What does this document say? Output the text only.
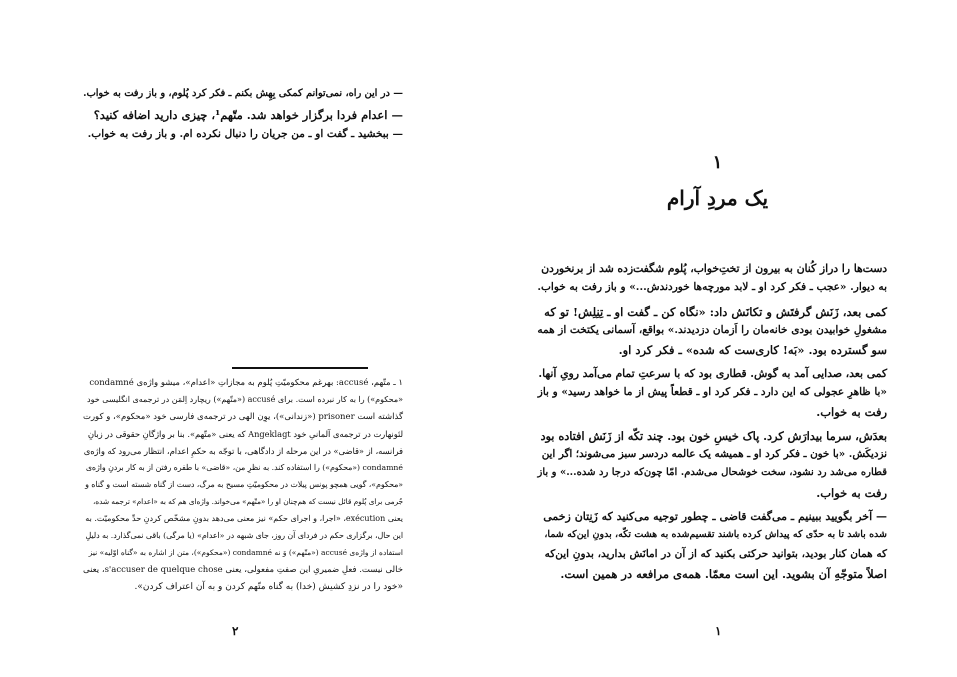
— در این راه، نمی‌توانم کمکی بِهِش بکنم ـ فکر کرد پُلوم، و باز رفت به خواب.
— اعدام فردا برگزار خواهد شد. متّهم¹، چیزی دارید اضافه کنید؟
— ببخشید ـ گفت او ـ من جریان را دنبال نکرده ام. و باز رفت به خواب.
۱ ـ متّهم، accusé: بهرغم محکومیّتِ پُلوم به مجازاتِ «اعدام»، میشو واژه‌ی condamné
«محکوم») را به کار نبرده است. برای accusé («متّهم») ریچارد اِلمَن در ترجمه‌ی انگلیسی خود
گذاشته است prisoner («زندانی»)، یوِن الهی در ترجمه‌ی فارسی خود «محکوم»، و کورت
لئونهارت در ترجمه‌ی آلمانیِ خود Angeklagt که یعنی «متّهم». بنا بر واژگانِ حقوقی در زبانِ
فرانسه، از «قاضی» در این مرحله از دادگاهی، با توجّه به حکمِ اعدام، انتظار می‌رود که واژه‌ی
condamné («محکوم») را استفاده کند. به نظرِ من، «قاضی» با طفره رفتن از به کار بردنِ واژه‌ی
«محکوم»، گویی همچو پونس پیلات در محکومیّتِ مسیح به مرگ، دست از گناه شسته است و گناه و
جُرمی برای پُلوم قائل نیست که هم‌چنان او را «متّهم» می‌خواند. واژه‌ای هم که به «اعدام» ترجمه شده،
یعنی exécution، «اجرا، و اجرای حکم» نیز معنی می‌دهد بدونِ مشخّص کردنِ حدِّ محکومیّت. به
این حال، برگزاری حکم در فردای آن روز، جای شبهه در «اعدام» (یا مرگی) باقی نمی‌گذارد. به دلیلِ
استفاده از واژه‌ی accusé («متّهم») وَ نه condamné («محکوم»)، متن از اشاره به «گناه اوّلیه» نیز
خالی نیست. فعلِ ضمیریِ این صفتِ مفعولی، یعنی s'accuser de quelque chose، یعنی
«خود را در نزدِ کشیش (خدا) به گناه متّهم کردن و به آن اعتراف کردن».
۲
۱
یک مردِ آرام
دست‌ها را دراز کُنان به بیرون از تختِ‌خواب، پُلوم شگفت‌زده شد از برنخوردن
به دیوار. «عجب ـ فکر کرد او ـ لابد مورچه‌ها خوردندش...» و باز رفت به خواب.
کمی بعد، زَنَش گرفتَش و تکانَش داد: «نگاه کن ـ گفت او ـ تِنِلِش! تو که
مشغولِ خوابیدن بودی خانه‌مان را اَزمان دزدیدند.» بواقع، آسمانی یکتخت از همه
سو گسترده بود. «بَه! کاری‌ست که شده» ـ فکر کرد او.
کمی بعد، صدایی آمد به گوش. قطاری بود که با سرعتِ تمام می‌آمد رویِ آنها.
«با ظاهرِ عجولی که این دارد ـ فکر کرد او ـ قطعاً پیش از ما خواهد رسید» و باز
رفت به خواب.
بعدَش، سرما بیدارَش کرد. پاک خیسِ خون بود. چند تکّه از زَنَش افتاده بود
نزدیکَش. «با خون ـ فکر کرد او ـ همیشه یک عالمه دردسر سبز می‌شوند؛ اگر این
قطاره می‌شد رد نشود، سخت خوشحال می‌شدم. امّا چون‌که درجا رد شده...» و باز
رفت به خواب.
— آخر بگویید ببینیم ـ می‌گفت قاضی ـ چطور توجیه می‌کنید که زَنِتان زخمی
شده باشد تا به حدّی که پیداش کرده باشند تقسیم‌شده به هشت تکّه، بدونِ این‌که شما،
که همان کنار بودید، بتوانید حرکتی بکنید که از آن در امانَش بدارید، بدونِ این‌که
اصلاً متوجّهِ آن بشوید. این است معمّا. همه‌ی مرافعه در همین است.
۱
